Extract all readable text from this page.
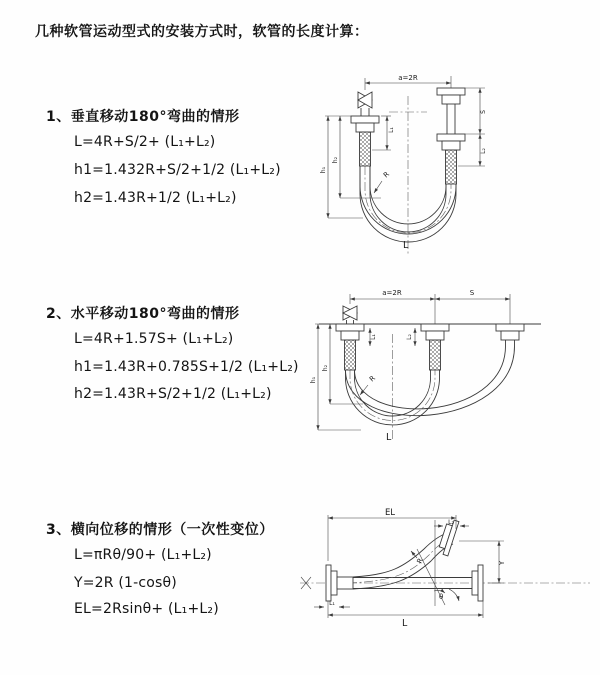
几种软管运动型式的安装方式时，软管的长度计算：
1、垂直移动180°弯曲的情形
L=4R+S/2+ (L₁+L₂)
h1=1.432R+S/2+1/2 (L₁+L₂)
h2=1.43R+1/2 (L₁+L₂)
2、水平移动180°弯曲的情形
L=4R+1.57S+ (L₁+L₂)
h1=1.43R+0.785S+1/2 (L₁+L₂)
h2=1.43R+S/2+1/2 (L₁+L₂)
3、横向位移的情形（一次性变位）
L=πRθ/90+ (L₁+L₂)
Y=2R (1-cosθ)
EL=2Rsinθ+ (L₁+L₂)
a=2R
L₁
h₁
h₂
S
L₂
R
L
a=2R	S
L₁	L₂
h₁
h₂
R
L
EL
L₂
Y
θ
R
L₁
L
